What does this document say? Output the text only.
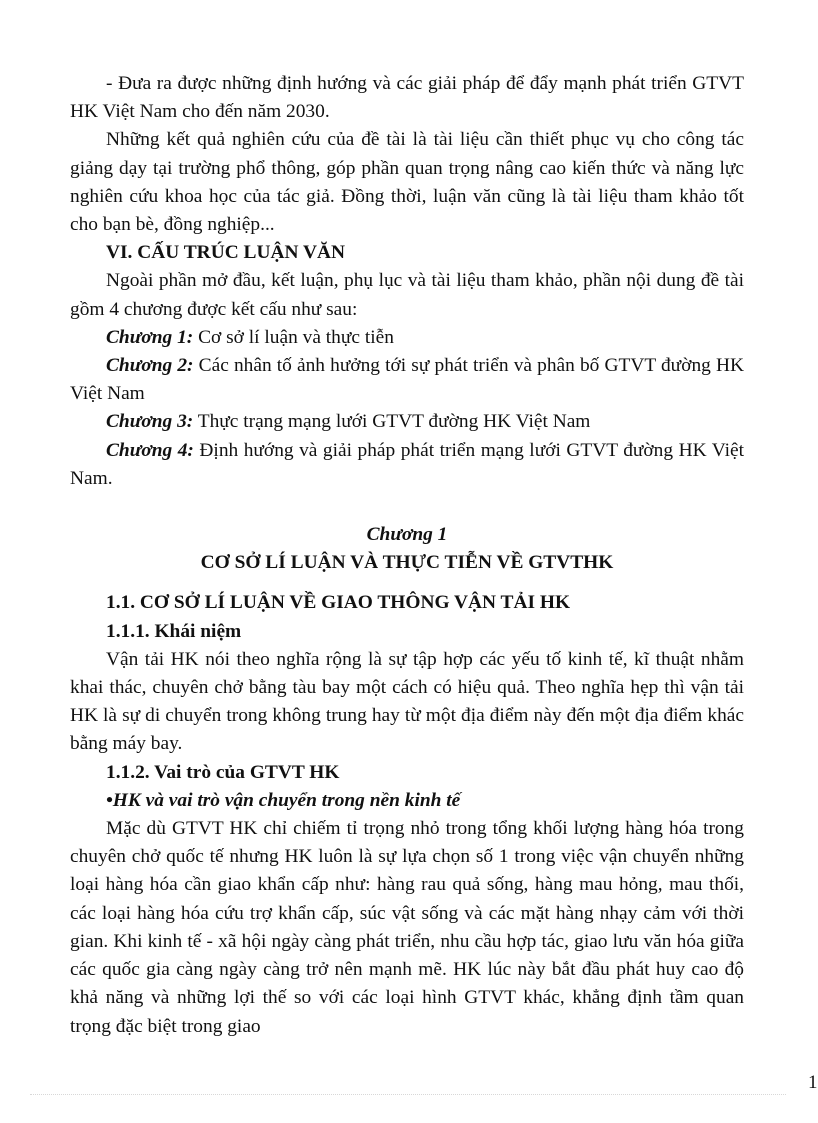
- Đưa ra được những định hướng và các giải pháp để đẩy mạnh phát triển GTVT HK Việt Nam cho đến năm 2030.

Những kết quả nghiên cứu của đề tài là tài liệu cần thiết phục vụ cho công tác giảng dạy tại trường phổ thông, góp phần quan trọng nâng cao kiến thức và năng lực nghiên cứu khoa học của tác giả. Đồng thời, luận văn cũng là tài liệu tham khảo tốt cho bạn bè, đồng nghiệp...

VI. CẤU TRÚC LUẬN VĂN

Ngoài phần mở đầu, kết luận, phụ lục và tài liệu tham khảo, phần nội dung đề tài gồm 4 chương được kết cấu như sau:

Chương 1: Cơ sở lí luận và thực tiễn

Chương 2: Các nhân tố ảnh hưởng tới sự phát triển và phân bố GTVT đường HK Việt Nam

Chương 3: Thực trạng mạng lưới GTVT đường HK Việt Nam

Chương 4: Định hướng và giải pháp phát triển mạng lưới GTVT đường HK Việt Nam.

Chương 1
CƠ SỞ LÍ LUẬN VÀ THỰC TIỄN VỀ GTVTHK

1.1. CƠ SỞ LÍ LUẬN VỀ GIAO THÔNG VẬN TẢI HK

1.1.1. Khái niệm

Vận tải HK nói theo nghĩa rộng là sự tập hợp các yếu tố kinh tế, kĩ thuật nhằm khai thác, chuyên chở bằng tàu bay một cách có hiệu quả. Theo nghĩa hẹp thì vận tải HK là sự di chuyển trong không trung hay từ một địa điểm này đến một địa điểm khác bằng máy bay.

1.1.2. Vai trò của GTVT HK

•HK và vai trò vận chuyển trong nền kinh tế

Mặc dù GTVT HK chỉ chiếm tỉ trọng nhỏ trong tổng khối lượng hàng hóa trong chuyên chở quốc tế nhưng HK luôn là sự lựa chọn số 1 trong việc vận chuyển những loại hàng hóa cần giao khẩn cấp như: hàng rau quả sống, hàng mau hỏng, mau thối, các loại hàng hóa cứu trợ khẩn cấp, súc vật sống và các mặt hàng nhạy cảm với thời gian. Khi kinh tế - xã hội ngày càng phát triển, nhu cầu hợp tác, giao lưu văn hóa giữa các quốc gia càng ngày càng trở nên mạnh mẽ. HK lúc này bắt đầu phát huy cao độ khả năng và những lợi thế so với các loại hình GTVT khác, khẳng định tầm quan trọng đặc biệt trong giao

1
